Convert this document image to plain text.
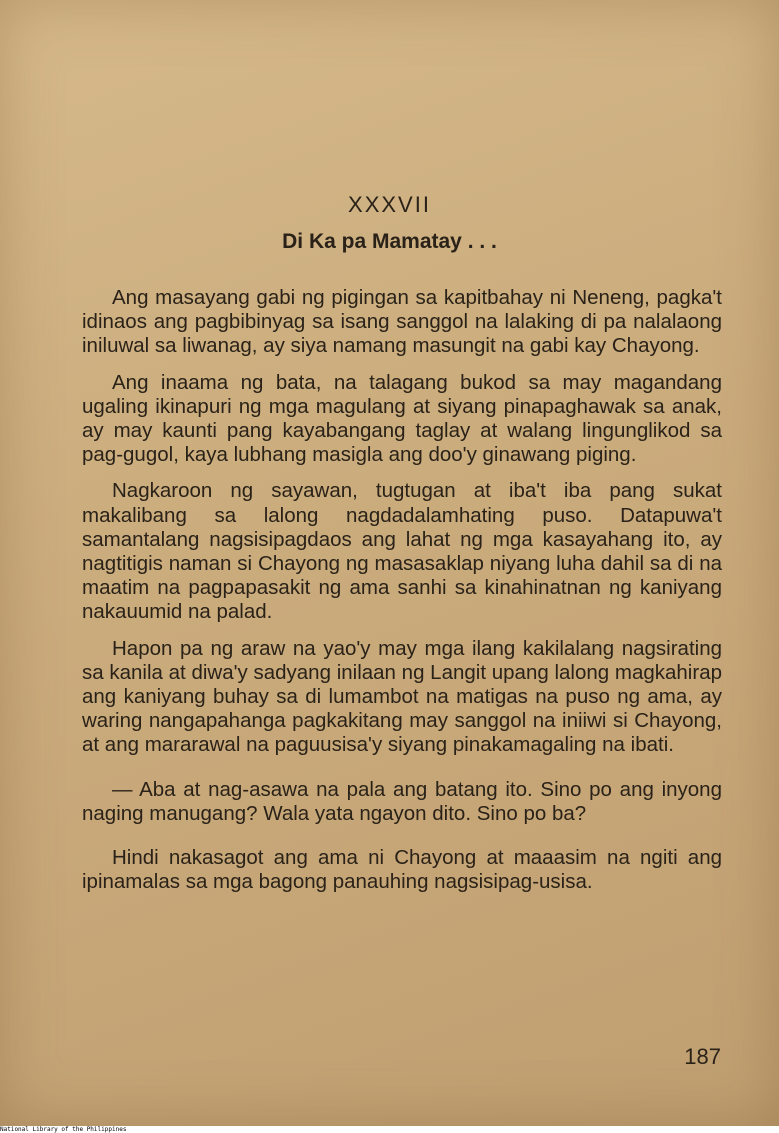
XXXVII
Di Ka pa Mamatay . . .

Ang masayang gabi ng pigingan sa kapitbahay ni Neneng, pagka't idinaos ang pagbibinyag sa isang sanggol na lalaking di pa nalalaong iniluwal sa liwanag, ay siya namang masungit na gabi kay Chayong.

Ang inaama ng bata, na talagang bukod sa may magandang ugaling ikinapuri ng mga magulang at siyang pinapaghawak sa anak, ay may kaunti pang kayabangang taglay at walang lingunglikod sa pag-gugol, kaya lubhang masigla ang doo'y ginawang piging.

Nagkaroon ng sayawan, tugtugan at iba't iba pang sukat makalibang sa lalong nagdadalamhating puso. Datapuwa't samantalang nagsisipagdaos ang lahat ng mga kasayahang ito, ay nagtitigis naman si Chayong ng masasaklap niyang luha dahil sa di na maatim na pagpapasakit ng ama sanhi sa kinahinatnan ng kaniyang nakauumid na palad.

Hapon pa ng araw na yao'y may mga ilang kakilalang nagsirating sa kanila at diwa'y sadyang inilaan ng Langit upang lalong magkahirap ang kaniyang buhay sa di lumambot na matigas na puso ng ama, ay waring nangapahanga pagkakitang may sanggol na iniiwi si Chayong, at ang mararawal na paguusisa'y siyang pinakamagaling na ibati.

— Aba at nag-asawa na pala ang batang ito. Sino po ang inyong naging manugang? Wala yata ngayon dito. Sino po ba?

Hindi nakasagot ang ama ni Chayong at maaasim na ngiti ang ipinamalas sa mga bagong panauhing nagsisipag-usisa.

187
National Library of the Philippines
